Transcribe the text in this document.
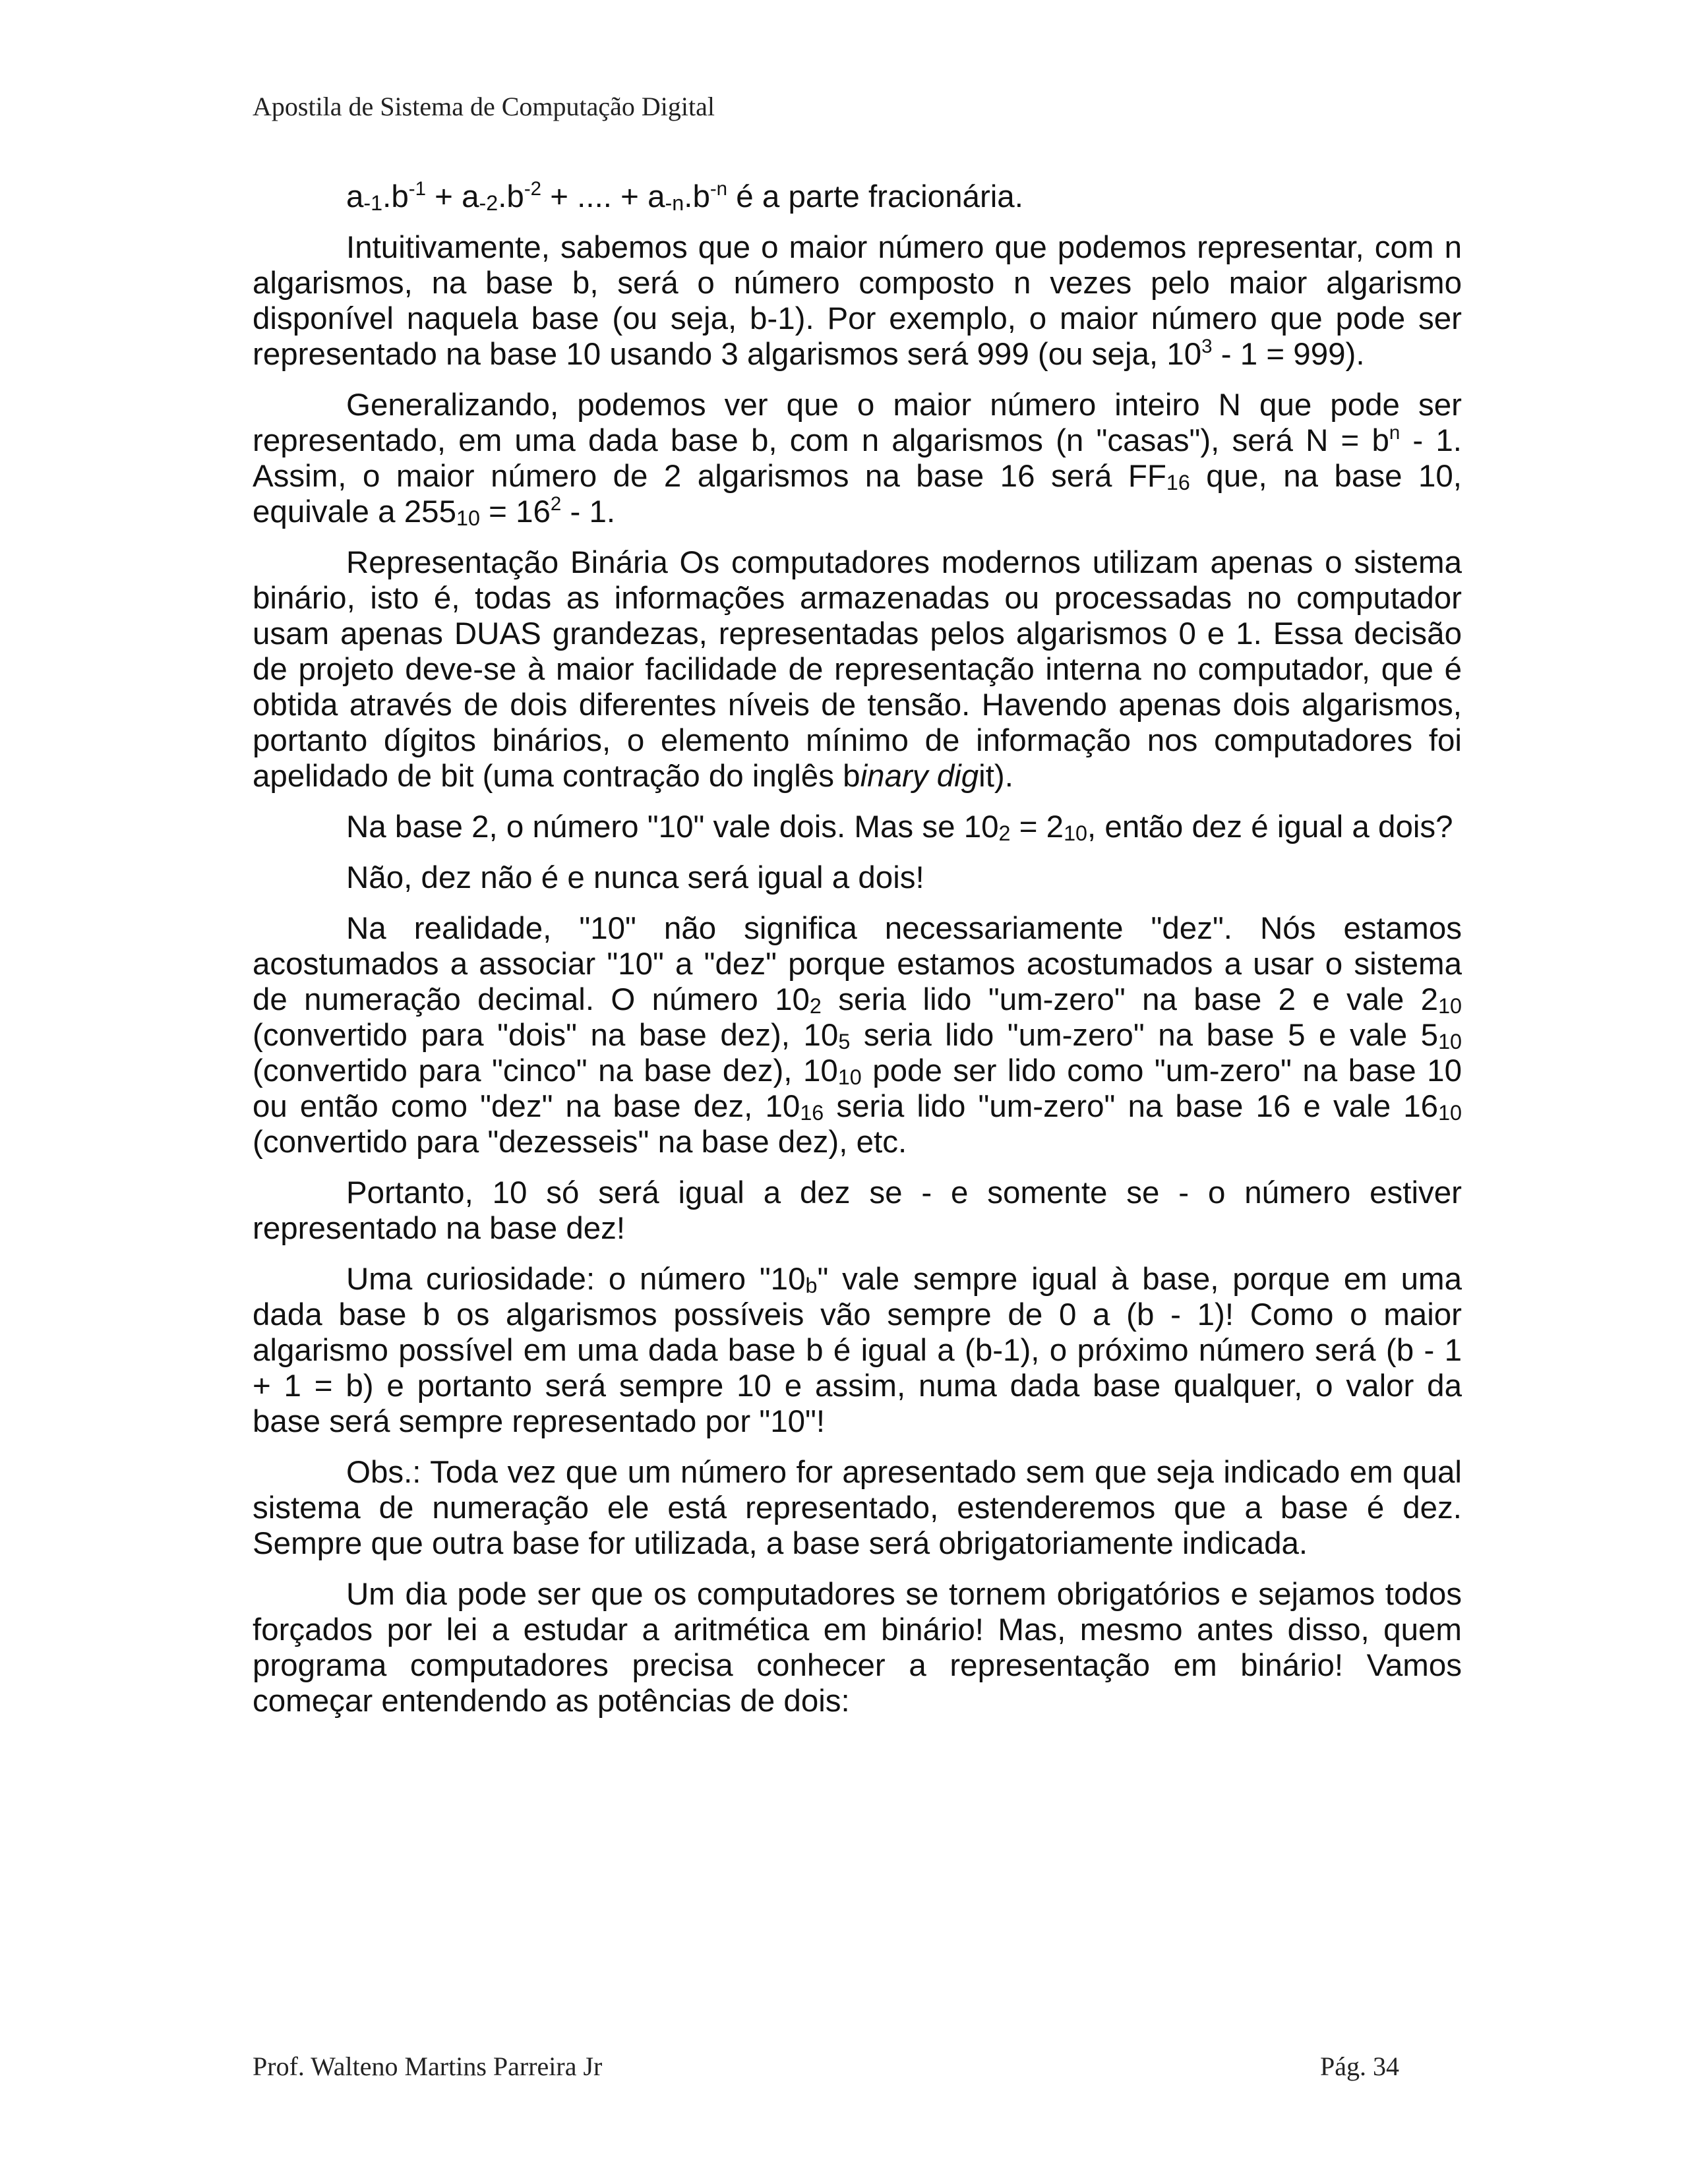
Apostila de Sistema de Computação Digital

$a_{-1}.b^{-1} + a_{-2}.b^{-2}$ + .... + $a_{-n}.b^{-n}$ é a parte fracionária.

Intuitivamente, sabemos que o maior número que podemos representar, com n algarismos, na base b, será o número composto n vezes pelo maior algarismo disponível naquela base (ou seja, b-1). Por exemplo, o maior número que pode ser representado na base 10 usando 3 algarismos será 999 (ou seja, $10^3 - 1 = 999$).

Generalizando, podemos ver que o maior número inteiro N que pode ser representado, em uma dada base b, com n algarismos (n "casas"), será $N = b^n - 1$. Assim, o maior número de 2 algarismos na base 16 será $FF_{16}$ que, na base 10, equivale a $255_{10} = 16^2 - 1$.

Representação Binária Os computadores modernos utilizam apenas o sistema binário, isto é, todas as informações armazenadas ou processadas no computador usam apenas DUAS grandezas, representadas pelos algarismos 0 e 1. Essa decisão de projeto deve-se à maior facilidade de representação interna no computador, que é obtida através de dois diferentes níveis de tensão. Havendo apenas dois algarismos, portanto dígitos binários, o elemento mínimo de informação nos computadores foi apelidado de bit (uma contração do inglês binary digit).

Na base 2, o número "10" vale dois. Mas se $10_2 = 2_{10}$, então dez é igual a dois?

Não, dez não é e nunca será igual a dois!

Na realidade, "10" não significa necessariamente "dez". Nós estamos acostumados a associar "10" a "dez" porque estamos acostumados a usar o sistema de numeração decimal. O número $10_2$ seria lido "um-zero" na base 2 e vale $2_{10}$ (convertido para "dois" na base dez), $10_5$ seria lido "um-zero" na base 5 e vale $5_{10}$ (convertido para "cinco" na base dez), $10_{10}$ pode ser lido como "um-zero" na base 10 ou então como "dez" na base dez, $10_{16}$ seria lido "um-zero" na base 16 e vale $16_{10}$ (convertido para "dezesseis" na base dez), etc.

Portanto, 10 só será igual a dez se - e somente se - o número estiver representado na base dez!

Uma curiosidade: o número "$10_b$" vale sempre igual à base, porque em uma dada base b os algarismos possíveis vão sempre de 0 a (b - 1)! Como o maior algarismo possível em uma dada base b é igual a (b-1), o próximo número será (b - 1 + 1 = b) e portanto será sempre 10 e assim, numa dada base qualquer, o valor da base será sempre representado por "10"!

Obs.: Toda vez que um número for apresentado sem que seja indicado em qual sistema de numeração ele está representado, estenderemos que a base é dez. Sempre que outra base for utilizada, a base será obrigatoriamente indicada.

Um dia pode ser que os computadores se tornem obrigatórios e sejamos todos forçados por lei a estudar a aritmética em binário! Mas, mesmo antes disso, quem programa computadores precisa conhecer a representação em binário! Vamos começar entendendo as potências de dois:

Prof. Walteno Martins Parreira Jr	Pág. 34
